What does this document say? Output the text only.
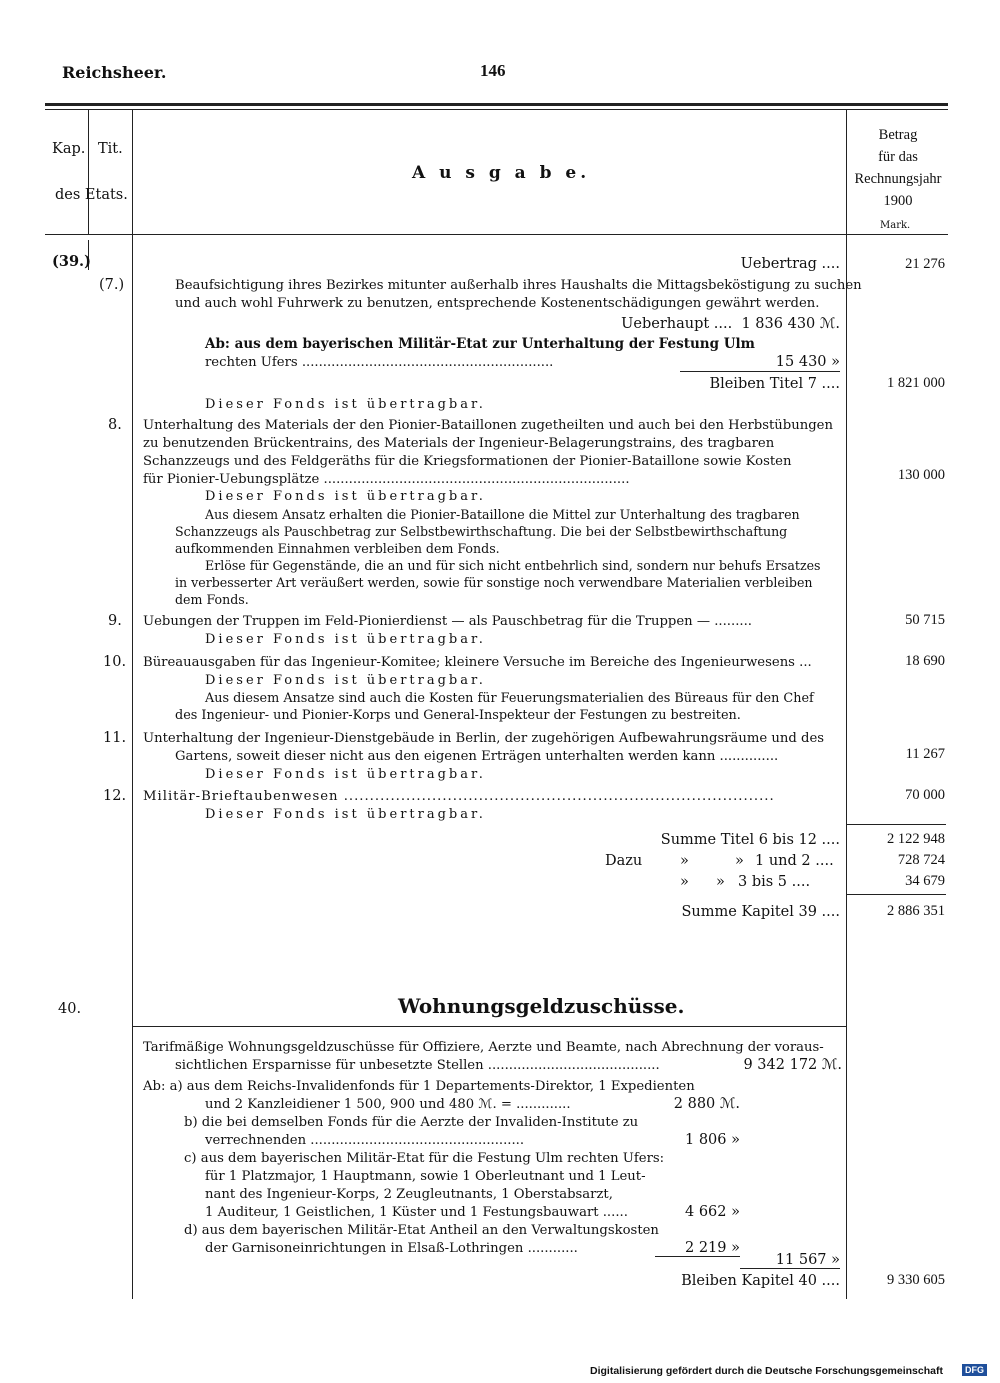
Reichsheer.	146
Kap. Tit.
des Etats.
A u s g a b e.
Betrag
für das
Rechnungsjahr
1900
Mark.
(39.)	Uebertrag ....	21 276
(7.)	Beaufsichtigung ihres Bezirkes mitunter außerhalb ihres Haushalts die Mittagsbeköstigung zu suchen
und auch wohl Fuhrwerk zu benutzen, entsprechende Kostenentschädigungen gewährt werden.
Ueberhaupt .... 1 836 430 ℳ.
Ab: aus dem bayerischen Militär-Etat zur Unterhaltung der Festung Ulm
rechten Ufers ............................................................	15 430 »
Bleiben Titel 7 ....	1 821 000
Dieser Fonds ist übertragbar.
8. Unterhaltung des Materials der den Pionier-Bataillonen zugetheilten und auch bei den Herbstübungen
zu benutzenden Brückentrains, des Materials der Ingenieur-Belagerungstrains, des tragbaren
Schanzzeugs und des Feldgeräths für die Kriegsformationen der Pionier-Bataillone sowie Kosten
für Pionier-Uebungsplätze .........................................................................	130 000
Dieser Fonds ist übertragbar.
Aus diesem Ansatz erhalten die Pionier-Bataillone die Mittel zur Unterhaltung des tragbaren
Schanzzeugs als Pauschbetrag zur Selbstbewirthschaftung. Die bei der Selbstbewirthschaftung
aufkommenden Einnahmen verbleiben dem Fonds.
Erlöse für Gegenstände, die an und für sich nicht entbehrlich sind, sondern nur behufs Ersatzes
in verbesserter Art veräußert werden, sowie für sonstige noch verwendbare Materialien verbleiben
dem Fonds.
9. Uebungen der Truppen im Feld-Pionierdienst — als Pauschbetrag für die Truppen — .........	50 715
Dieser Fonds ist übertragbar.
10. Büreauausgaben für das Ingenieur-Komitee; kleinere Versuche im Bereiche des Ingenieurwesens ...	18 690
Dieser Fonds ist übertragbar.
Aus diesem Ansatze sind auch die Kosten für Feuerungsmaterialien des Büreaus für den Chef
des Ingenieur- und Pionier-Korps und General-Inspekteur der Festungen zu bestreiten.
11. Unterhaltung der Ingenieur-Dienstgebäude in Berlin, der zugehörigen Aufbewahrungsräume und des
Gartens, soweit dieser nicht aus den eigenen Erträgen unterhalten werden kann ..............	11 267
Dieser Fonds ist übertragbar.
12. Militär-Brieftaubenwesen ...................................................................................	70 000
Dieser Fonds ist übertragbar.
Summe Titel 6 bis 12 ....	2 122 948
Dazu	»	» 1 und 2 ....	728 724
» » 3 bis 5 ....	34 679
Summe Kapitel 39 ....	2 886 351
40.	Wohnungsgeldzuschüsse.
Tarifmäßige Wohnungsgeldzuschüsse für Offiziere, Aerzte und Beamte, nach Abrechnung der voraus-
sichtlichen Ersparnisse für unbesetzte Stellen .........................................	9 342 172 ℳ.
Ab: a) aus dem Reichs-Invalidenfonds für 1 Departements-Direktor, 1 Expedienten
und 2 Kanzleidiener 1 500, 900 und 480 ℳ. = .............	2 880 ℳ.
b) die bei demselben Fonds für die Aerzte der Invaliden-Institute zu
verrechnenden ...................................................	1 806 »
c) aus dem bayerischen Militär-Etat für die Festung Ulm rechten Ufers:
für 1 Platzmajor, 1 Hauptmann, sowie 1 Oberleutnant und 1 Leut-
nant des Ingenieur-Korps, 2 Zeugleutnants, 1 Oberstabsarzt,
1 Auditeur, 1 Geistlichen, 1 Küster und 1 Festungsbauwart ......	4 662 »
d) aus dem bayerischen Militär-Etat Antheil an den Verwaltungskosten
der Garnisoneinrichtungen in Elsaß-Lothringen ............	2 219 »
11 567 »
Bleiben Kapitel 40 ....	9 330 605
Digitalisierung gefördert durch die Deutsche Forschungsgemeinschaft	DFG
